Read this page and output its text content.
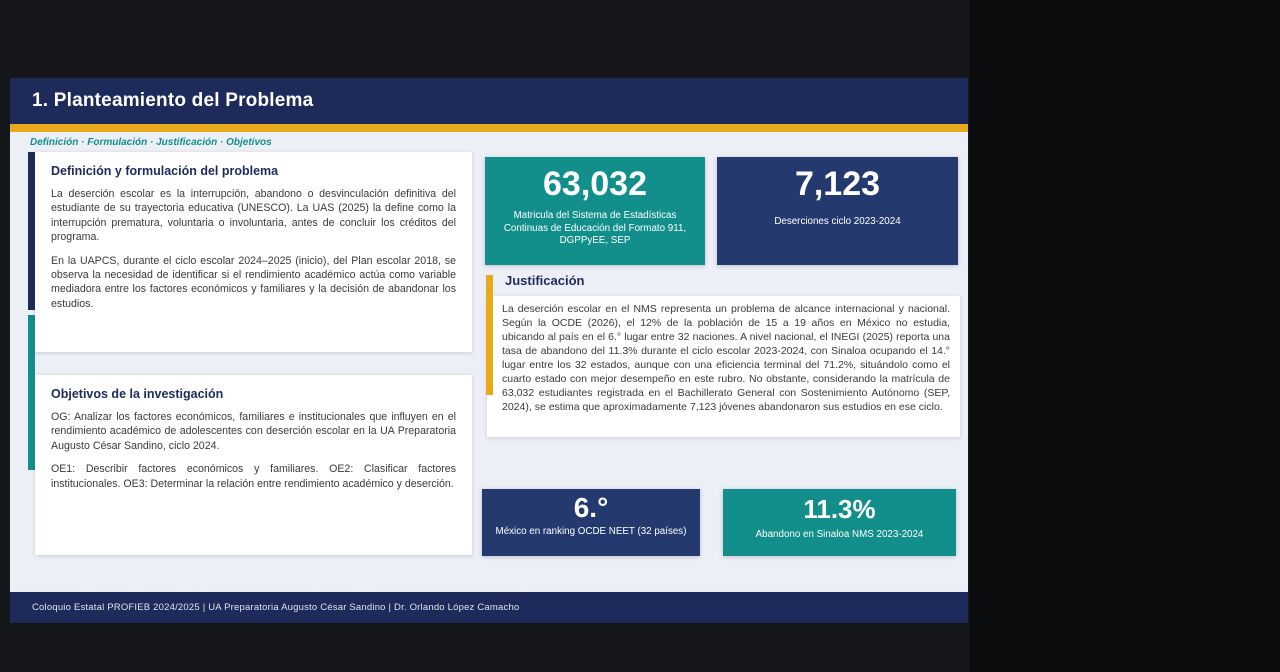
1. Planteamiento del Problema
Definición · Formulación · Justificación · Objetivos

Definición y formulación del problema

La deserción escolar es la interrupción, abandono o desvinculación definitiva del estudiante de su trayectoria educativa (UNESCO). La UAS (2025) la define como la interrupción prematura, voluntaria o involuntaria, antes de concluir los créditos del programa.

En la UAPCS, durante el ciclo escolar 2024–2025 (inicio), del Plan escolar 2018, se observa la necesidad de identificar si el rendimiento académico actúa como variable mediadora entre los factores económicos y familiares y la decisión de abandonar los estudios.

Objetivos de la investigación

OG: Analizar los factores económicos, familiares e institucionales que influyen en el rendimiento académico de adolescentes con deserción escolar en la UA Preparatoria Augusto César Sandino, ciclo 2024.

OE1: Describir factores económicos y familiares. OE2: Clasificar factores institucionales. OE3: Determinar la relación entre rendimiento académico y deserción.

63,032
Matricula del Sistema de Estadísticas Continuas de Educación del Formato 911, DGPPyEE, SEP
7,123
Deserciones ciclo 2023-2024
Justificación

La deserción escolar en el NMS representa un problema de alcance internacional y nacional. Según la OCDE (2026), el 12% de la población de 15 a 19 años en México no estudia, ubicando al país en el 6.° lugar entre 32 naciones. A nivel nacional, el INEGI (2025) reporta una tasa de abandono del 11.3% durante el ciclo escolar 2023-2024, con Sinaloa ocupando el 14.° lugar entre los 32 estados, aunque con una eficiencia terminal del 71.2%, situándolo como el cuarto estado con mejor desempeño en este rubro. No obstante, considerando la matrícula de 63,032 estudiantes registrada en el Bachillerato General con Sostenimiento Autónomo (SEP, 2024), se estima que aproximadamente 7,123 jóvenes abandonaron sus estudios en ese ciclo.

6.°
México en ranking OCDE NEET (32 países)
11.3%
Abandono en Sinaloa NMS 2023-2024
Coloquio Estatal PROFIEB 2024/2025 | UA Preparatoria Augusto César Sandino | Dr. Orlando López Camacho
